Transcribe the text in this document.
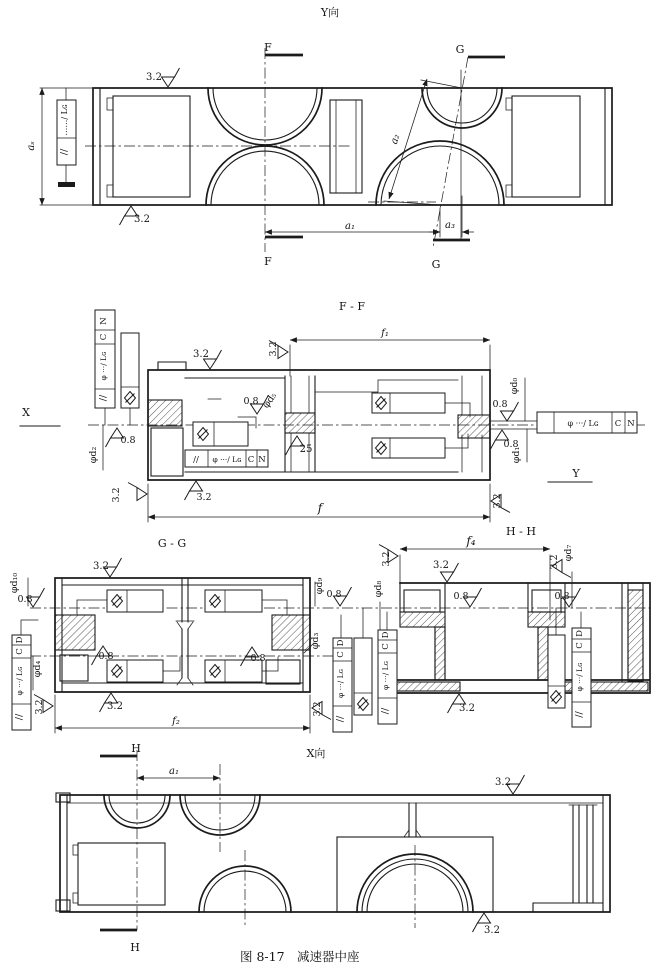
Y向
F
F
G
G
aₛ
a₁	a₃
a₂
……/ Lɢ
//
3.2
3.2
F - F
f₁
f
3.2	3.2
0.8
25
0.8
0.8
0.8
3.2
3.2	3.2
φd₂
φd₅
φd₀
φd₁
X
Y
N
C
φ ···/ Lɢ
//
// φ ···/ Lɢ C N
φ ···/ Lɢ C N
G - G
φd₁₀
0.8
D
C
φ ···/ Lɢ
//
φd₄
3.2
φd₉
0.8
φd₃
3.2
3.2
3.2
0.8	0.8
f₂
H - H
f₄
3.2	3.2	3.2
0.8	0.8
3.2
φd₈
φd₇
D
C
φ ···/ Lɢ
//
D
C
φ ···/ Lɢ
//
D
C
φ ···/ Lɢ
//
X向
H
H
a₁
3.2
3.2
图 8-17　减速器中座
